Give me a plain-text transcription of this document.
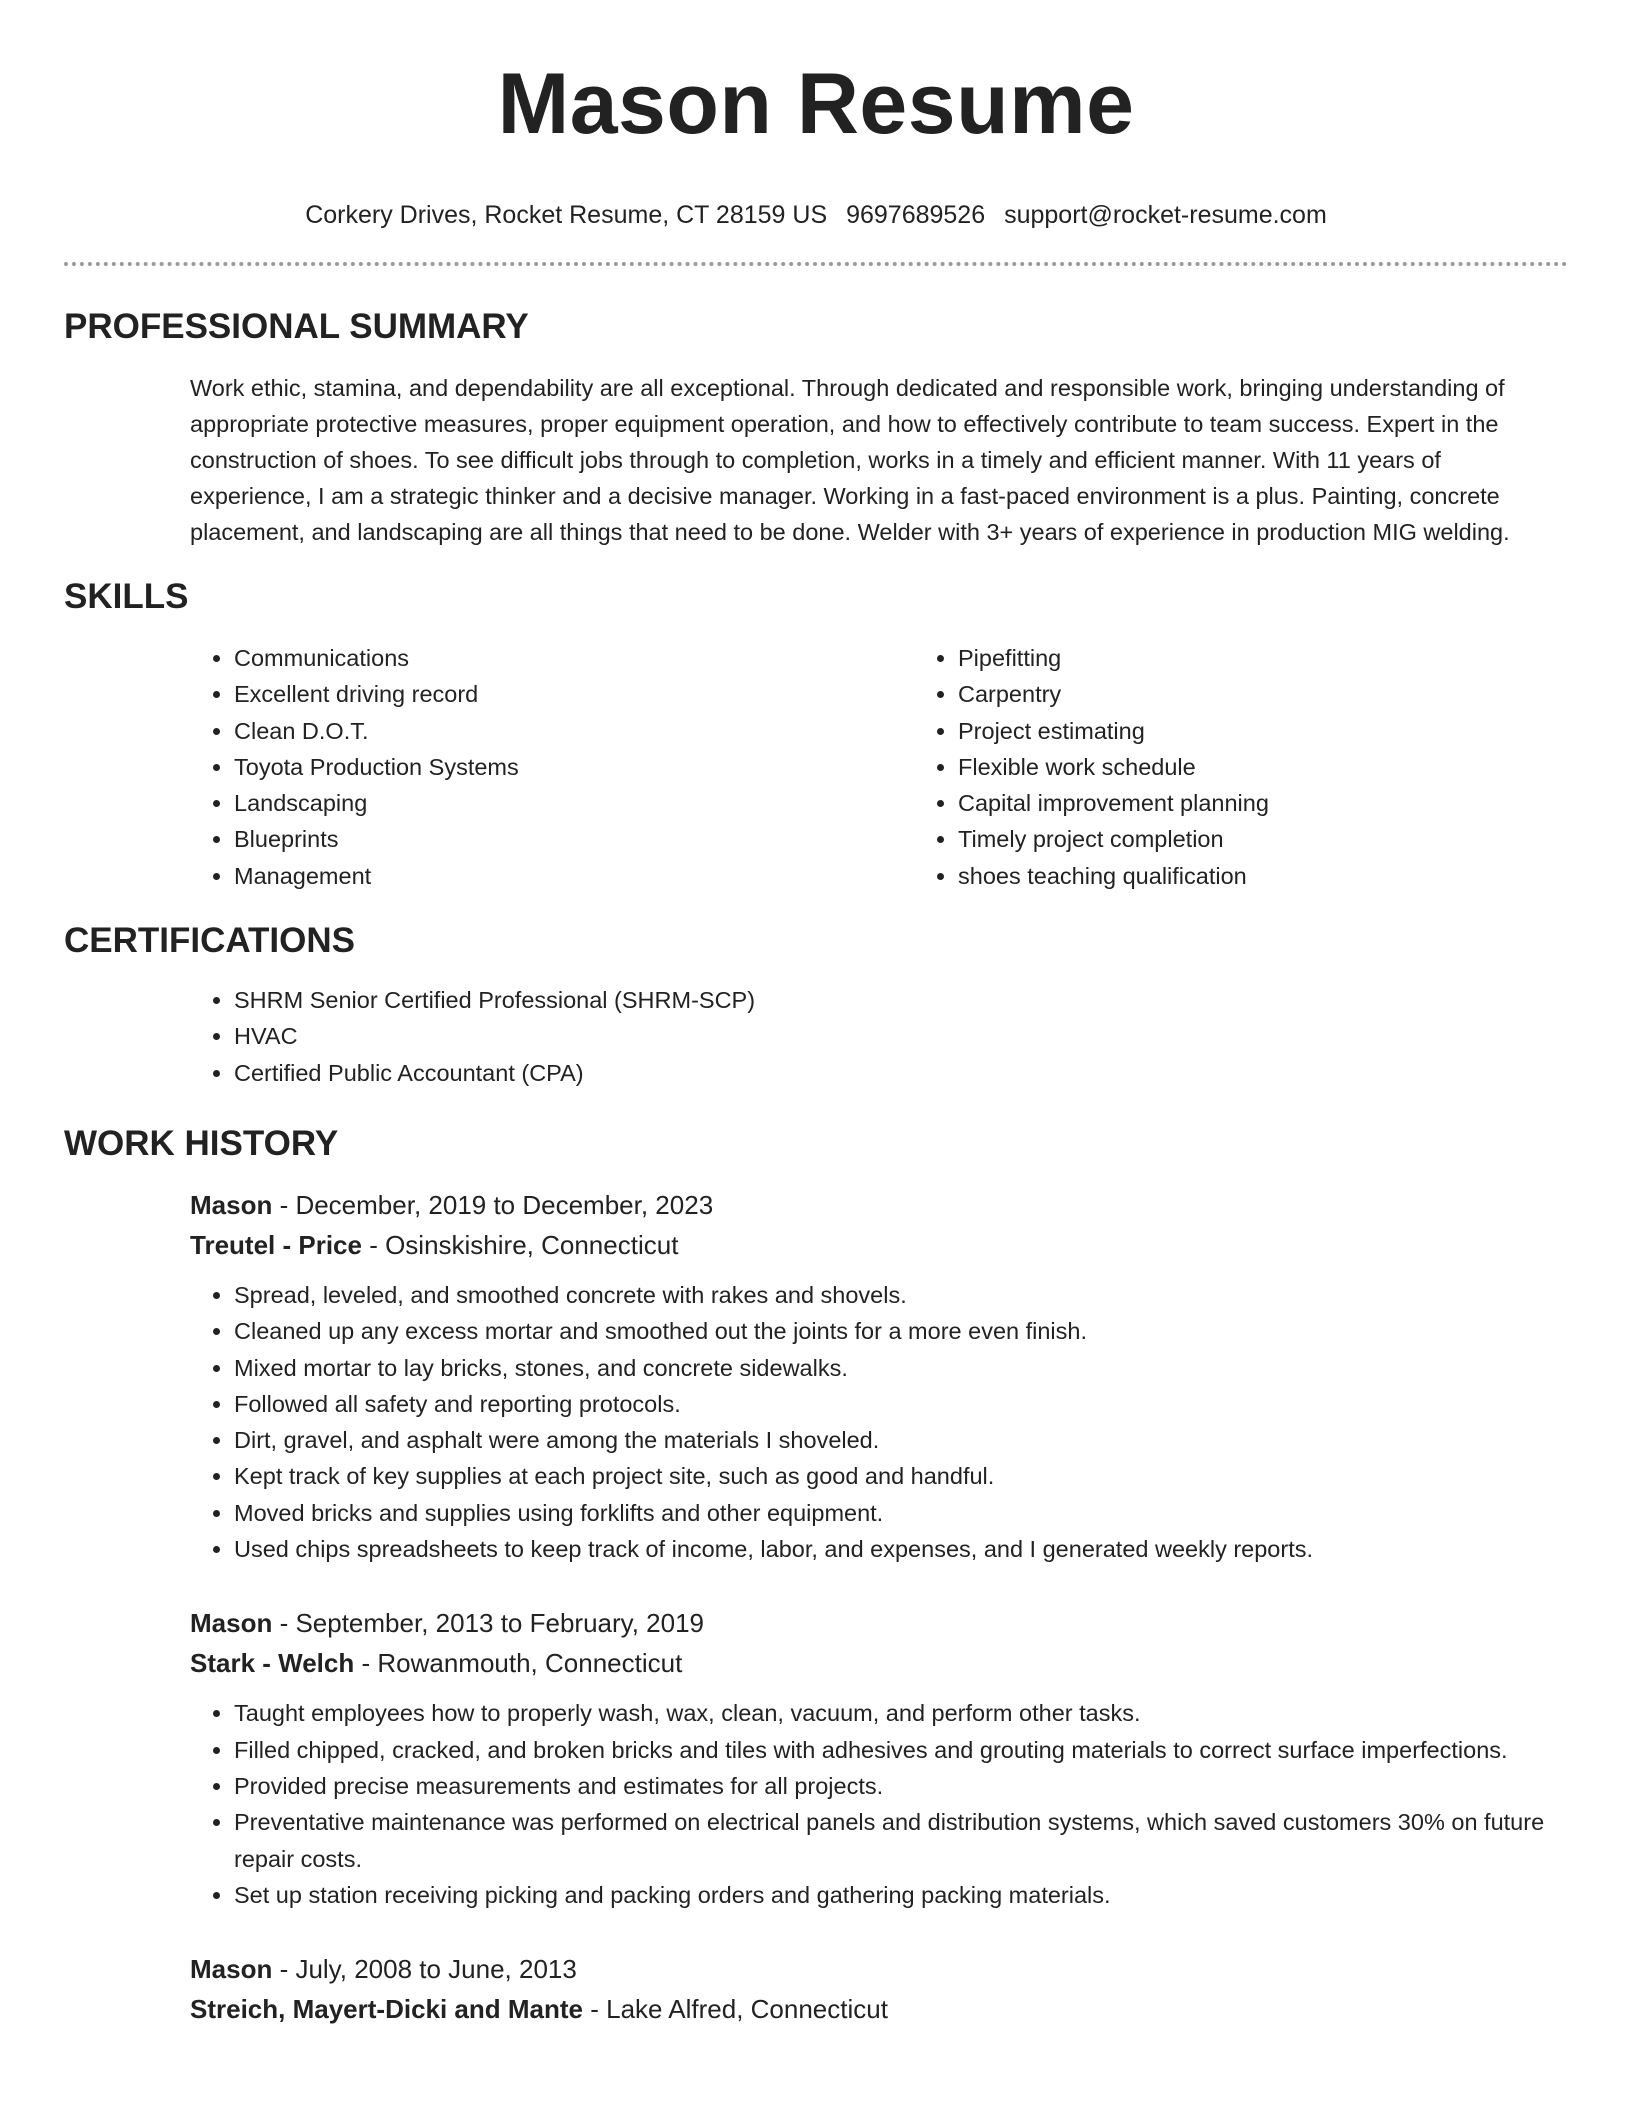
Mason Resume
Corkery Drives, Rocket Resume, CT 28159 US 9697689526 support@rocket-resume.com
PROFESSIONAL SUMMARY

Work ethic, stamina, and dependability are all exceptional. Through dedicated and responsible work, bringing understanding of appropriate protective measures, proper equipment operation, and how to effectively contribute to team success. Expert in the construction of shoes. To see difficult jobs through to completion, works in a timely and efficient manner. With 11 years of experience, I am a strategic thinker and a decisive manager. Working in a fast-paced environment is a plus. Painting, concrete placement, and landscaping are all things that need to be done. Welder with 3+ years of experience in production MIG welding.

SKILLS
• Communications
• Excellent driving record
• Clean D.O.T.
• Toyota Production Systems
• Landscaping
• Blueprints
• Management
• Pipefitting
• Carpentry
• Project estimating
• Flexible work schedule
• Capital improvement planning
• Timely project completion
• shoes teaching qualification
CERTIFICATIONS
• SHRM Senior Certified Professional (SHRM-SCP)
• HVAC
• Certified Public Accountant (CPA)
WORK HISTORY
Mason - December, 2019 to December, 2023
Treutel - Price - Osinskishire, Connecticut
• Spread, leveled, and smoothed concrete with rakes and shovels.
• Cleaned up any excess mortar and smoothed out the joints for a more even finish.
• Mixed mortar to lay bricks, stones, and concrete sidewalks.
• Followed all safety and reporting protocols.
• Dirt, gravel, and asphalt were among the materials I shoveled.
• Kept track of key supplies at each project site, such as good and handful.
• Moved bricks and supplies using forklifts and other equipment.
• Used chips spreadsheets to keep track of income, labor, and expenses, and I generated weekly reports.
Mason - September, 2013 to February, 2019
Stark - Welch - Rowanmouth, Connecticut
• Taught employees how to properly wash, wax, clean, vacuum, and perform other tasks.
• Filled chipped, cracked, and broken bricks and tiles with adhesives and grouting materials to correct surface imperfections.
• Provided precise measurements and estimates for all projects.
• Preventative maintenance was performed on electrical panels and distribution systems, which saved customers 30% on future repair costs.
• Set up station receiving picking and packing orders and gathering packing materials.
Mason - July, 2008 to June, 2013
Streich, Mayert-Dicki and Mante - Lake Alfred, Connecticut
